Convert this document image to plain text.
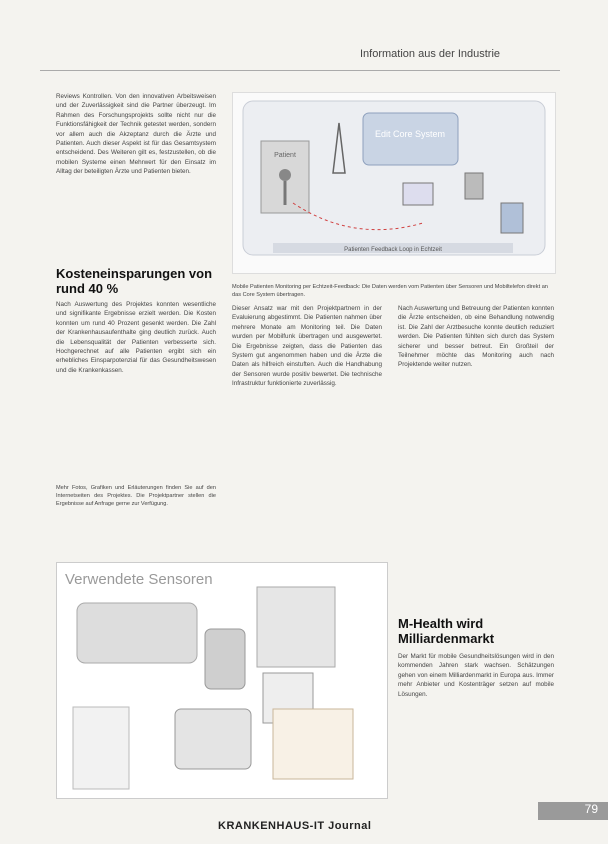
Information aus der Industrie

Reviews Kontrollen. Von den innovativen Arbeitsweisen und der Zuverlässigkeit sind die Partner überzeugt. Im Rahmen des Forschungsprojekts sollte nicht nur die Funktionsfähigkeit der Technik getestet werden, sondern vor allem auch die Akzeptanz durch die Ärzte und Patienten. Auch dieser Aspekt ist für das Gesamtsystem entscheidend. Des Weiteren gilt es, festzustellen, ob die mobilen Systeme einen Mehrwert für den Einsatz im Alltag der beteiligten Ärzte und Patienten bieten.

Kosteneinsparungen von rund 40 %

Nach Auswertung des Projektes konnten wesentliche und signifikante Ergebnisse erzielt werden. Die Kosten konnten um rund 40 Prozent gesenkt werden. Die Zahl der Krankenhausaufenthalte ging deutlich zurück. Auch die Lebensqualität der Patienten verbesserte sich. Hochgerechnet auf alle Patienten ergibt sich ein erhebliches Einsparpotenzial für das Gesundheitswesen und die Krankenkassen.

Mehr Fotos, Grafiken und Erläuterungen finden Sie auf den Internetseiten des Projektes. Die Projektpartner stellen die Ergebnisse auf Anfrage gerne zur Verfügung.

Edit Core System
Patient
Patienten Feedback Loop in Echtzeit
Mobile Patienten Monitoring per Echtzeit-Feedback: Die Daten werden vom Patienten über Sensoren und Mobiltelefon direkt an das Core System übertragen.

Dieser Ansatz war mit den Projektpartnern in der Evaluierung abgestimmt. Die Patienten nahmen über mehrere Monate am Monitoring teil. Die Daten wurden per Mobilfunk übertragen und ausgewertet. Die Ergebnisse zeigten, dass die Patienten das System gut angenommen haben und die Ärzte die Daten als hilfreich einstuften. Auch die Handhabung der Sensoren wurde positiv bewertet. Die technische Infrastruktur funktionierte zuverlässig.

Nach Auswertung und Betreuung der Patienten konnten die Ärzte entscheiden, ob eine Behandlung notwendig ist. Die Zahl der Arztbesuche konnte deutlich reduziert werden. Die Patienten fühlten sich durch das System sicherer und besser betreut. Ein Großteil der Teilnehmer möchte das Monitoring auch nach Projektende weiter nutzen.

M-Health wird Milliardenmarkt

Der Markt für mobile Gesundheitslösungen wird in den kommenden Jahren stark wachsen. Schätzungen gehen von einem Milliardenmarkt in Europa aus. Immer mehr Anbieter und Kostenträger setzen auf mobile Lösungen.

Verwendete Sensoren
KRANKENHAUS-IT Journal
79
